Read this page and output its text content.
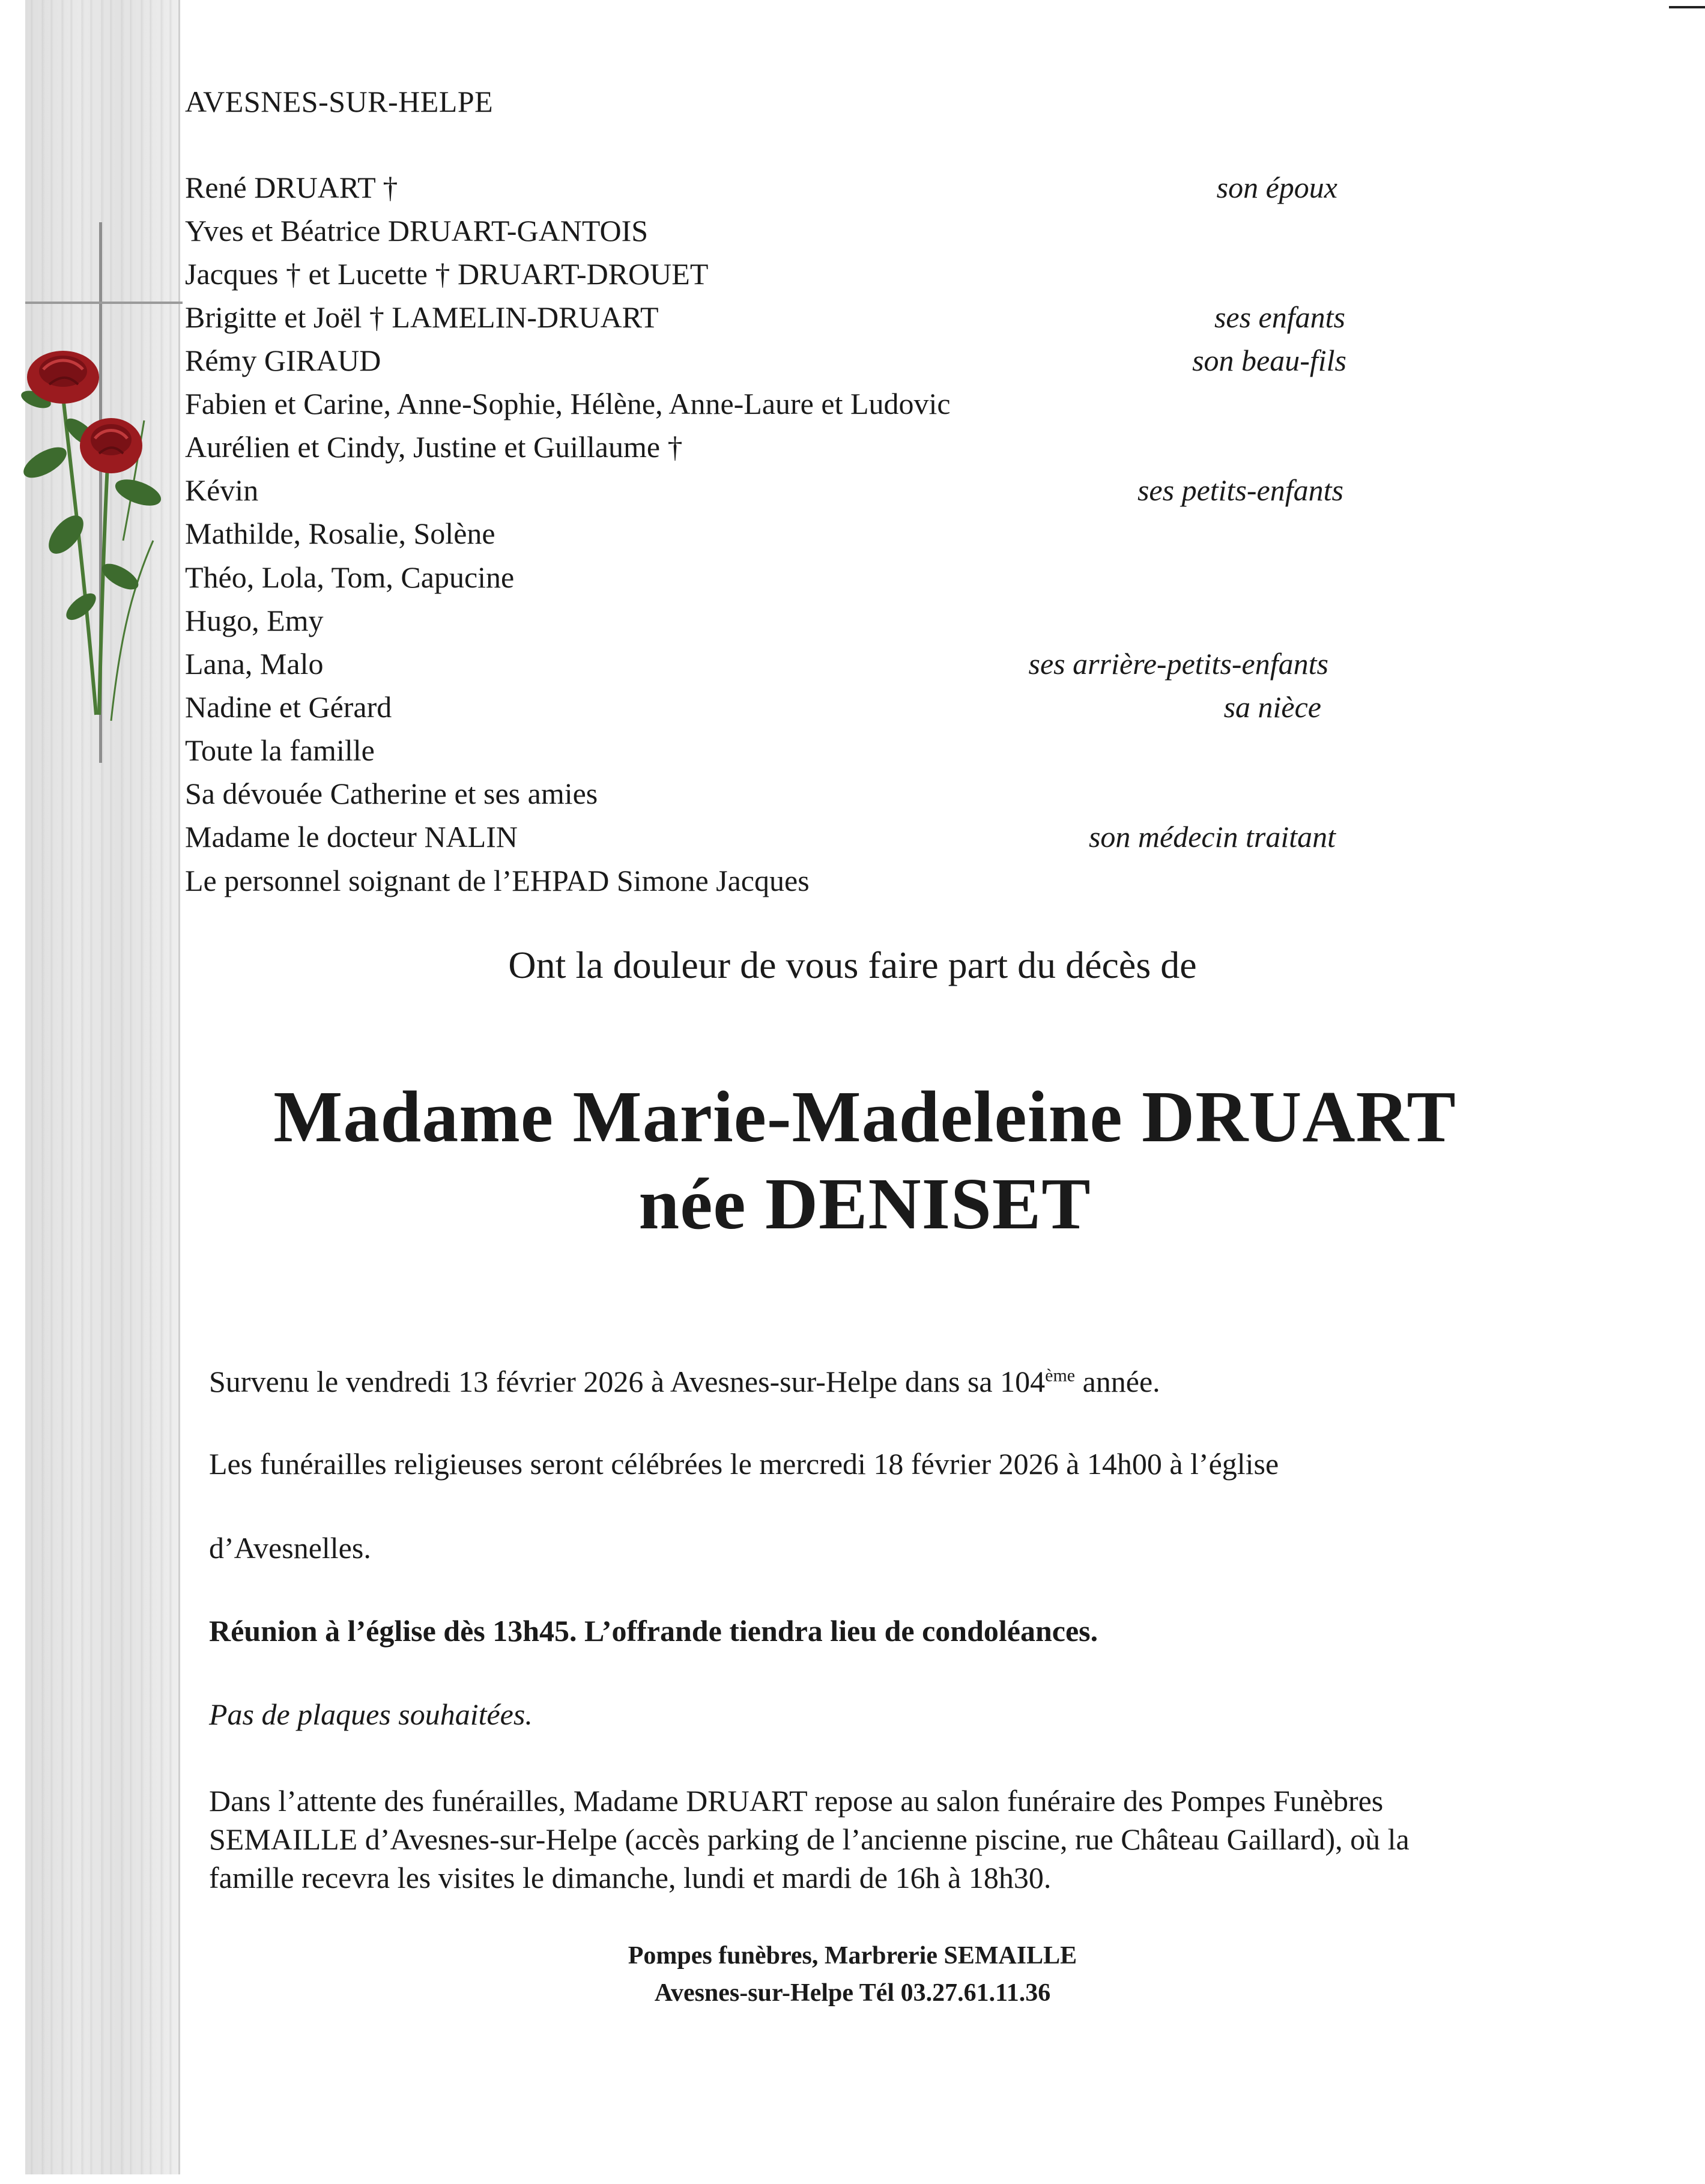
AVESNES-SUR-HELPE
René DRUART †	son époux
Yves et Béatrice DRUART-GANTOIS
Jacques † et Lucette † DRUART-DROUET
Brigitte et Joël † LAMELIN-DRUART	ses enfants
Rémy GIRAUD	son beau-fils
Fabien et Carine, Anne-Sophie, Hélène, Anne-Laure et Ludovic
Aurélien et Cindy, Justine et Guillaume †
Kévin	ses petits-enfants
Mathilde, Rosalie, Solène
Théo, Lola, Tom, Capucine
Hugo, Emy
Lana, Malo	ses arrière-petits-enfants
Nadine et Gérard	sa nièce
Toute la famille
Sa dévouée Catherine et ses amies
Madame le docteur NALIN	son médecin traitant
Le personnel soignant de l’EHPAD Simone Jacques
Ont la douleur de vous faire part du décès de
Madame Marie-Madeleine DRUART
née DENISET
Survenu le vendredi 13 février 2026 à Avesnes-sur-Helpe dans sa 104ème année.
Les funérailles religieuses seront célébrées le mercredi 18 février 2026 à 14h00 à l’église
d’Avesnelles.
Réunion à l’église dès 13h45. L’offrande tiendra lieu de condoléances.
Pas de plaques souhaitées.
Dans l’attente des funérailles, Madame DRUART repose au salon funéraire des Pompes Funèbres
SEMAILLE d’Avesnes-sur-Helpe (accès parking de l’ancienne piscine, rue Château Gaillard), où la
famille recevra les visites le dimanche, lundi et mardi de 16h à 18h30.
Pompes funèbres, Marbrerie SEMAILLE
Avesnes-sur-Helpe Tél 03.27.61.11.36
